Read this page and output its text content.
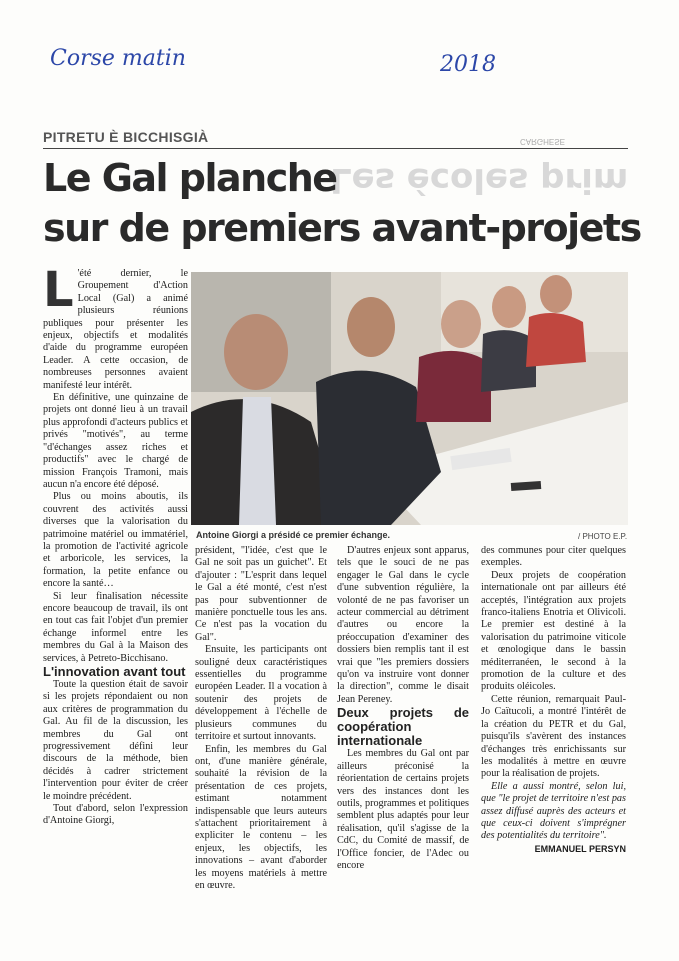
Corse matin	2018
PITRETU È BICCHISGIÀ	CARGHESE
Les écoles prim
Le Gal planche
sur de premiers avant-projets
L 'été dernier, le Groupement d'Action Local (Gal) a animé plusieurs réunions publiques pour présenter les enjeux, objectifs et modalités d'aide du programme européen Leader. A cette occasion, de nombreuses personnes avaient manifesté leur intérêt.

En définitive, une quinzaine de projets ont donné lieu à un travail plus approfondi d'acteurs publics et privés "motivés", au terme "d'échanges assez riches et productifs" avec le chargé de mission François Tramoni, mais aucun n'a encore été déposé.

Plus ou moins aboutis, ils couvrent des activités aussi diverses que la valorisation du patrimoine matériel ou immatériel, la promotion de l'activité agricole et arboricole, les services, la formation, la petite enfance ou encore la santé…

Si leur finalisation nécessite encore beaucoup de travail, ils ont en tout cas fait l'objet d'un premier échange informel entre les membres du Gal à la Maison des services, à Petreto-Bicchisano.

L'innovation avant tout

Toute la question était de savoir si les projets répondaient ou non aux critères de programmation du Gal. Au fil de la discussion, les membres du Gal ont progressivement défini leur discours de la méthode, bien décidés à cadrer strictement l'intervention pour éviter de créer le moindre précédent.

Tout d'abord, selon l'expression d'Antoine Giorgi,

Antoine Giorgi a présidé ce premier échange.	/ PHOTO E.P.

président, "l'idée, c'est que le Gal ne soit pas un guichet". Et d'ajouter : "L'esprit dans lequel le Gal a été monté, c'est n'est pas pour subventionner de manière ponctuelle tous les ans. Ce n'est pas la vocation du Gal".

Ensuite, les participants ont souligné deux caractéristiques essentielles du programme européen Leader. Il a vocation à soutenir des projets de développement à l'échelle de plusieurs communes du territoire et surtout innovants.

Enfin, les membres du Gal ont, d'une manière générale, souhaité la révision de la présentation de ces projets, estimant notamment indispensable que leurs auteurs s'attachent prioritairement à expliciter le contenu – les enjeux, les objectifs, les innovations – avant d'aborder les moyens matériels à mettre en œuvre.

D'autres enjeux sont apparus, tels que le souci de ne pas engager le Gal dans le cycle d'une subvention régulière, la volonté de ne pas favoriser un acteur commercial au détriment d'autres ou encore la préoccupation d'examiner des dossiers bien remplis tant il est vrai que "les premiers dossiers qu'on va instruire vont donner la direction", comme le disait Jean Pereney.

Deux projets de coopération internationale

Les membres du Gal ont par ailleurs préconisé la réorientation de certains projets vers des instances dont les outils, programmes et politiques semblent plus adaptés pour leur réalisation, qu'il s'agisse de la CdC, du Comité de massif, de l'Office foncier, de l'Adec ou encore

des communes pour citer quelques exemples.

Deux projets de coopération internationale ont par ailleurs été acceptés, l'intégration aux projets franco-italiens Enotria et Olivicoli. Le premier est destiné à la valorisation du patrimoine viticole et œnologique dans le bassin méditerranéen, le second à la promotion de la culture et des produits oléicoles.

Cette réunion, remarquait Paul-Jo Caïtucoli, a montré l'intérêt de la création du PETR et du Gal, puisqu'ils s'avèrent des instances d'échanges très enrichissants sur les modalités à mettre en œuvre pour la réalisation de projets.

Elle a aussi montré, selon lui, que "le projet de territoire n'est pas assez diffusé auprès des acteurs et que ceux-ci doivent s'imprégner des potentialités du territoire".

EMMANUEL PERSYN
